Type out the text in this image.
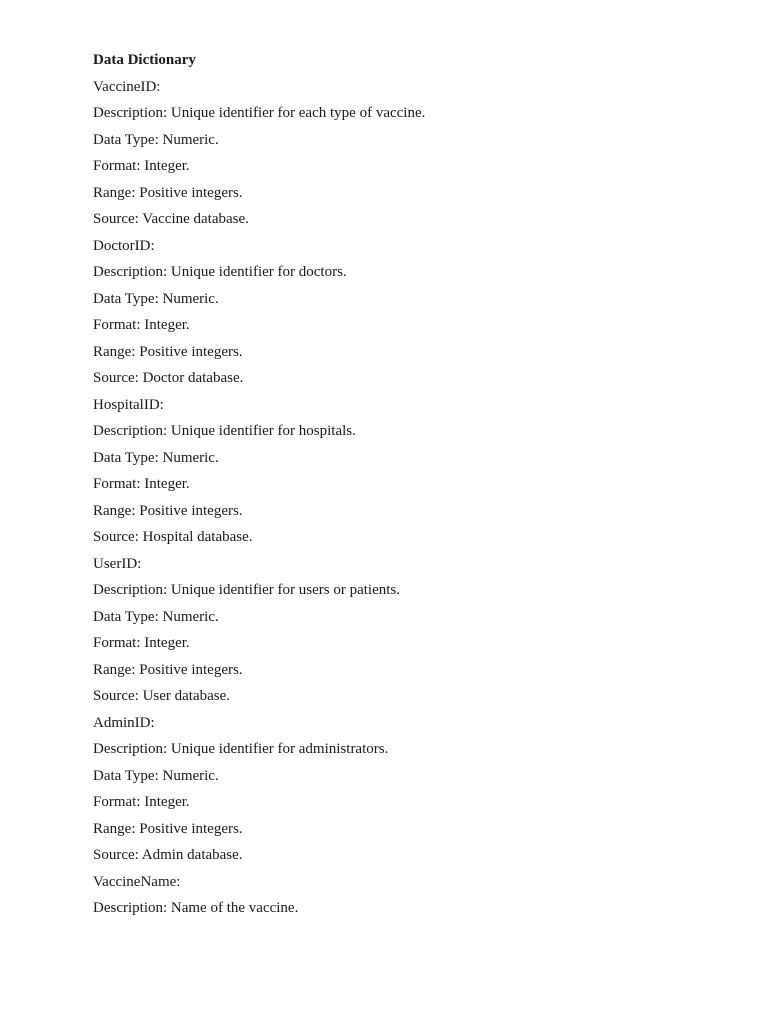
Data Dictionary
VaccineID:
Description: Unique identifier for each type of vaccine.
Data Type: Numeric.
Format: Integer.
Range: Positive integers.
Source: Vaccine database.
DoctorID:
Description: Unique identifier for doctors.
Data Type: Numeric.
Format: Integer.
Range: Positive integers.
Source: Doctor database.
HospitalID:
Description: Unique identifier for hospitals.
Data Type: Numeric.
Format: Integer.
Range: Positive integers.
Source: Hospital database.
UserID:
Description: Unique identifier for users or patients.
Data Type: Numeric.
Format: Integer.
Range: Positive integers.
Source: User database.
AdminID:
Description: Unique identifier for administrators.
Data Type: Numeric.
Format: Integer.
Range: Positive integers.
Source: Admin database.
VaccineName:
Description: Name of the vaccine.
